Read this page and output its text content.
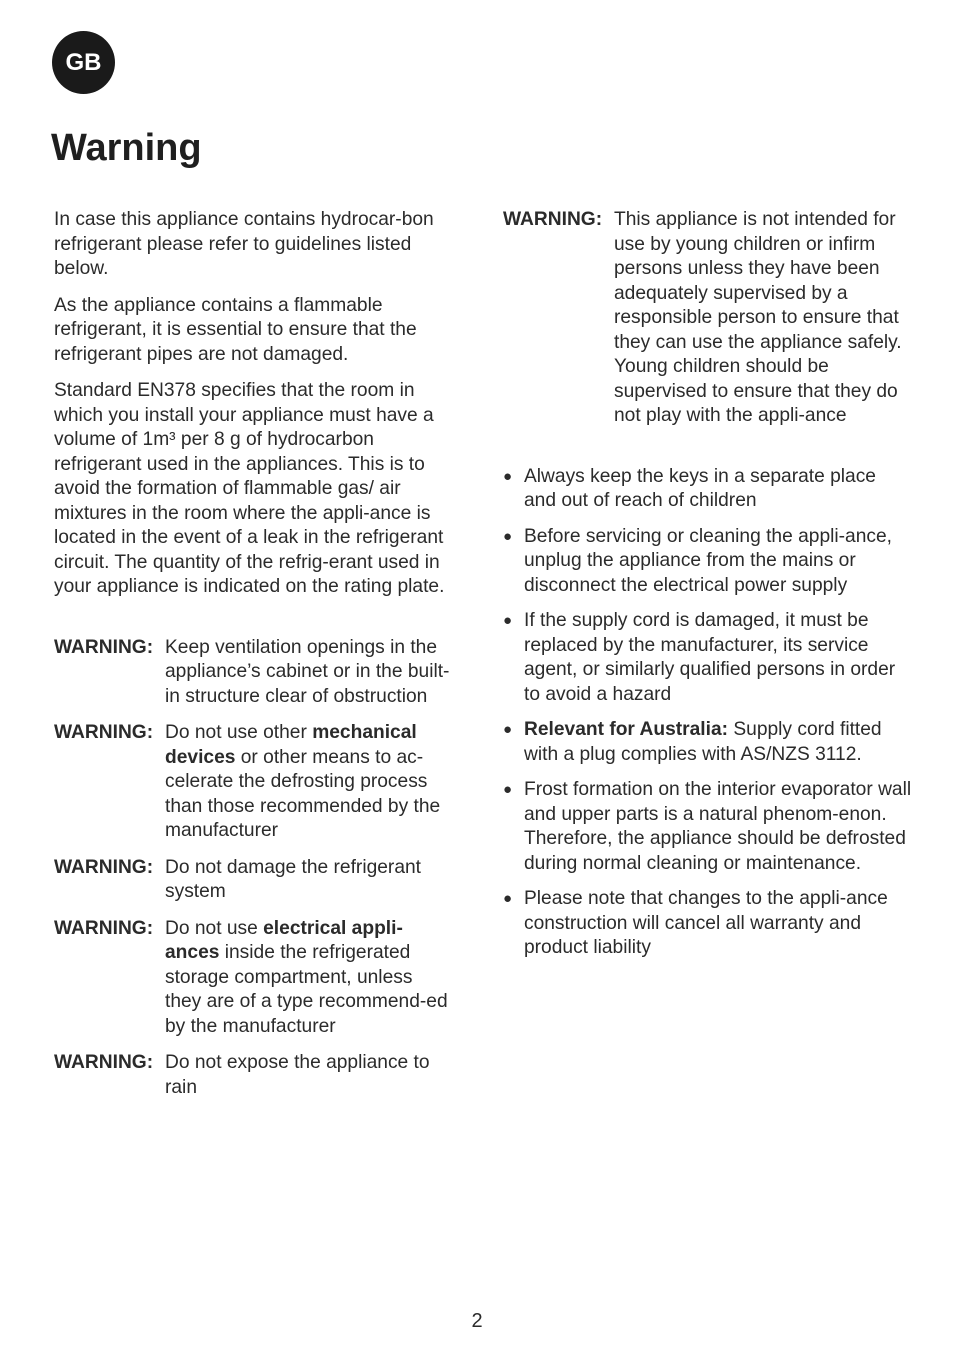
GB
Warning

In case this appliance contains hydrocar-bon refrigerant please refer to guidelines listed below.

As the appliance contains a flammable refrigerant, it is essential to ensure that the refrigerant pipes are not damaged.

Standard EN378 specifies that the room in which you install your appliance must have a volume of 1m³ per 8 g of hydrocarbon refrigerant used in the appliances. This is to avoid the formation of flammable gas/ air mixtures in the room where the appli-ance is located in the event of a leak in the refrigerant circuit. The quantity of the refrig-erant used in your appliance is indicated on the rating plate.

WARNING: Keep ventilation openings in the appliance’s cabinet or in the built-in structure clear of obstruction
WARNING: Do not use other mechanical devices or other means to ac-celerate the defrosting process than those recommended by the manufacturer
WARNING: Do not damage the refrigerant system
WARNING: Do not use electrical appli-ances inside the refrigerated storage compartment, unless they are of a type recommend-ed by the manufacturer
WARNING: Do not expose the appliance to rain
WARNING: This appliance is not intended for use by young children or infirm persons unless they have been adequately supervised by a responsible person to ensure that they can use the appliance safely. Young children should be supervised to ensure that they do not play with the appli-ance
● Always keep the keys in a separate place and out of reach of children
● Before servicing or cleaning the appli-ance, unplug the appliance from the mains or disconnect the electrical power supply
● If the supply cord is damaged, it must be replaced by the manufacturer, its service agent, or similarly qualified persons in order to avoid a hazard
● Relevant for Australia: Supply cord fitted with a plug complies with AS/NZS 3112.
● Frost formation on the interior evaporator wall and upper parts is a natural phenom-enon. Therefore, the appliance should be defrosted during normal cleaning or maintenance.
● Please note that changes to the appli-ance construction will cancel all warranty and product liability
2
